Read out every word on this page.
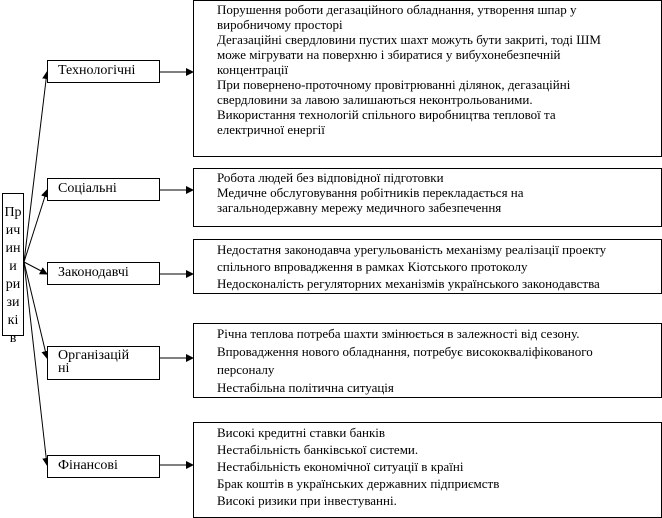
Пр
ич
ин
и
ри
зи
кі
в
Технологічні
Соціальні
Законодавчі
Організацій
ні
Фінансові
Порушення роботи дегазаційного обладнання, утворення шпар у
виробничому просторі
Дегазаційні свердловини пустих шахт можуть бути закриті, тоді ШМ
може мігрувати на поверхню і збиратися у вибухонебезпечній
концентрації
При повернено-проточному провітрюванні ділянок, дегазаційні
свердловини за лавою залишаються неконтрольованими.
Використання технологій спільного виробництва теплової та
електричної енергії
Робота людей без відповідної підготовки
Медичне обслуговування робітників перекладається на
загальнодержавну мережу медичного забезпечення
Недостатня законодавча урегульованість механізму реалізації проекту
спільного впровадження в рамках Кіотського протоколу
Недосконалість регуляторних механізмів українського законодавства
Річна теплова потреба шахти змінюється в залежності від сезону.
Впровадження нового обладнання, потребує висококваліфікованого
персоналу
Нестабільна політична ситуація
Високі кредитні ставки банків
Нестабільність банківської системи.
Нестабільність економічної ситуації в країні
Брак коштів в українських державних підприємств
Високі ризики при інвестуванні.
